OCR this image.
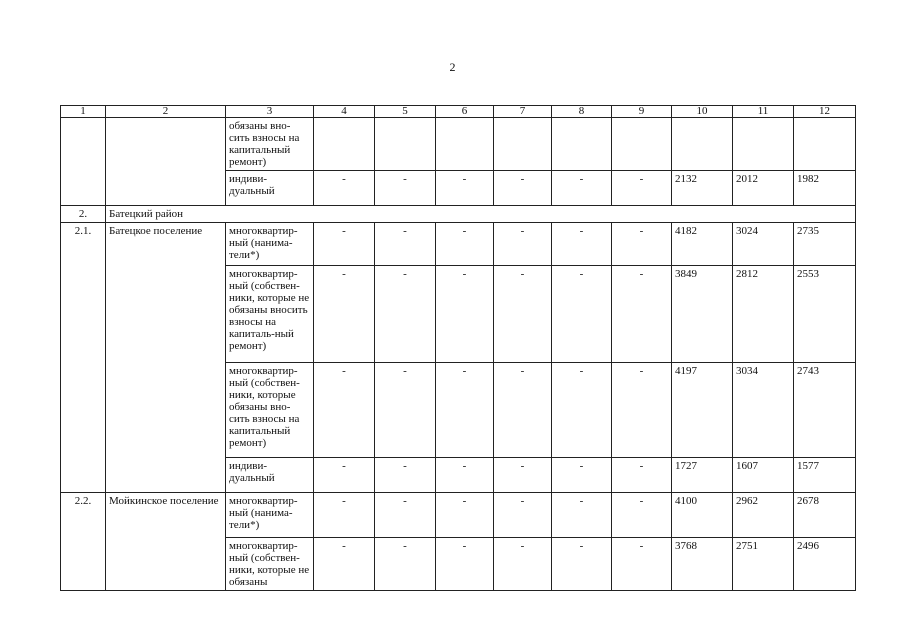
2
1	2	3	4	5	6	7	8	9	10	11	12
		обязаны вно-сить взносы на капитальный ремонт)									
		индиви-дуальный	-	-	-	-	-	-	2132	2012	1982
2.	Батецкий район										
2.1.	Батецкое поселение	многоквартир-ный (нанима-тели*)	-	-	-	-	-	-	4182	3024	2735
		многоквартир-ный (собствен-ники, которые не обязаны вносить взносы на капиталь-ный ремонт)	-	-	-	-	-	-	3849	2812	2553
		многоквартир-ный (собствен-ники, которые обязаны вно-сить взносы на капитальный ремонт)	-	-	-	-	-	-	4197	3034	2743
		индиви-дуальный	-	-	-	-	-	-	1727	1607	1577
2.2.	Мойкинское поселение	многоквартир-ный (нанима-тели*)	-	-	-	-	-	-	4100	2962	2678
		многоквартир-ный (собствен-ники, которые не обязаны	-	-	-	-	-	-	3768	2751	2496
